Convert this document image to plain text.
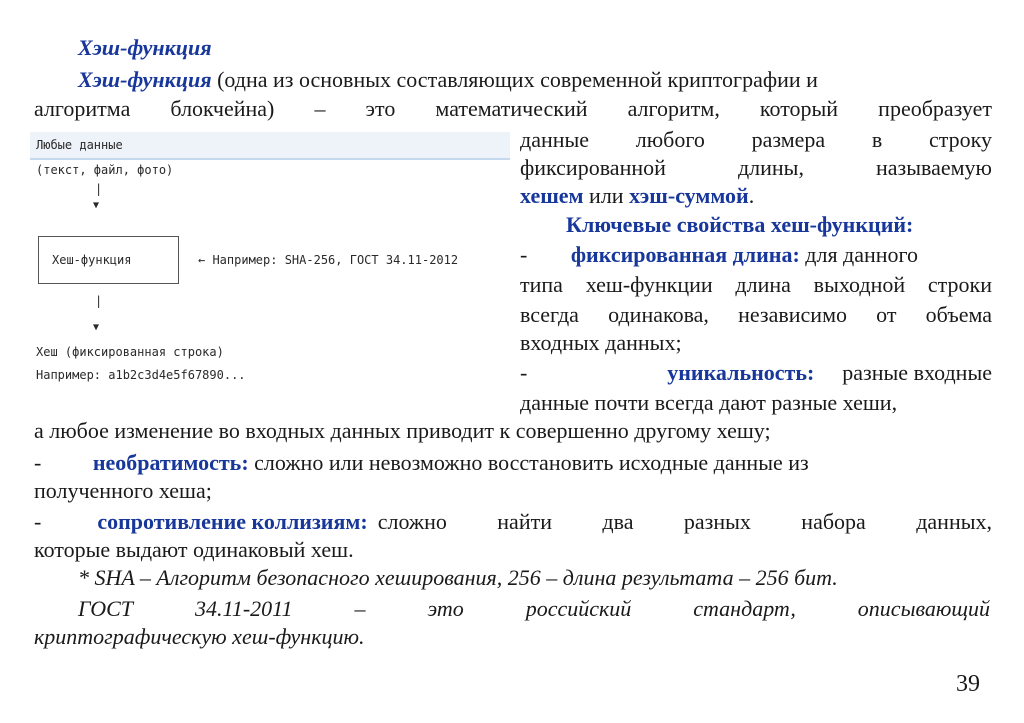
Хэш-функция
Хэш-функция (одна из основных составляющих современной криптографии и
алгоритма блокчейна) – это математический алгоритм, который преобразует
данные любого размера в строку
фиксированной длины, называемую
хешем или хэш-суммой.
Любые данные
(текст, файл, фото)
|
▼
Хеш-функция	← Например: SHA-256, ГОСТ 34.11-2012
|
▼
Хеш (фиксированная строка)
Например: a1b2c3d4e5f67890...
Ключевые свойства хеш-функций:
- фиксированная длина: для данного
типа хеш-функции длина выходной строки
всегда одинакова, независимо от объема
входных данных;
-	уникальность: разные входные
данные почти всегда дают разные хеши,
а любое изменение во входных данных приводит к совершенно другому хешу;
- необратимость: сложно или невозможно восстановить исходные данные из
полученного хеша;
-	сопротивление коллизиям: сложно найти два разных набора данных,
которые выдают одинаковый хеш.
* SHA – Алгоритм безопасного хеширования, 256 – длина результата – 256 бит.
ГОСТ 34.11-2011 – это российский стандарт, описывающий
криптографическую хеш-функцию.
39
